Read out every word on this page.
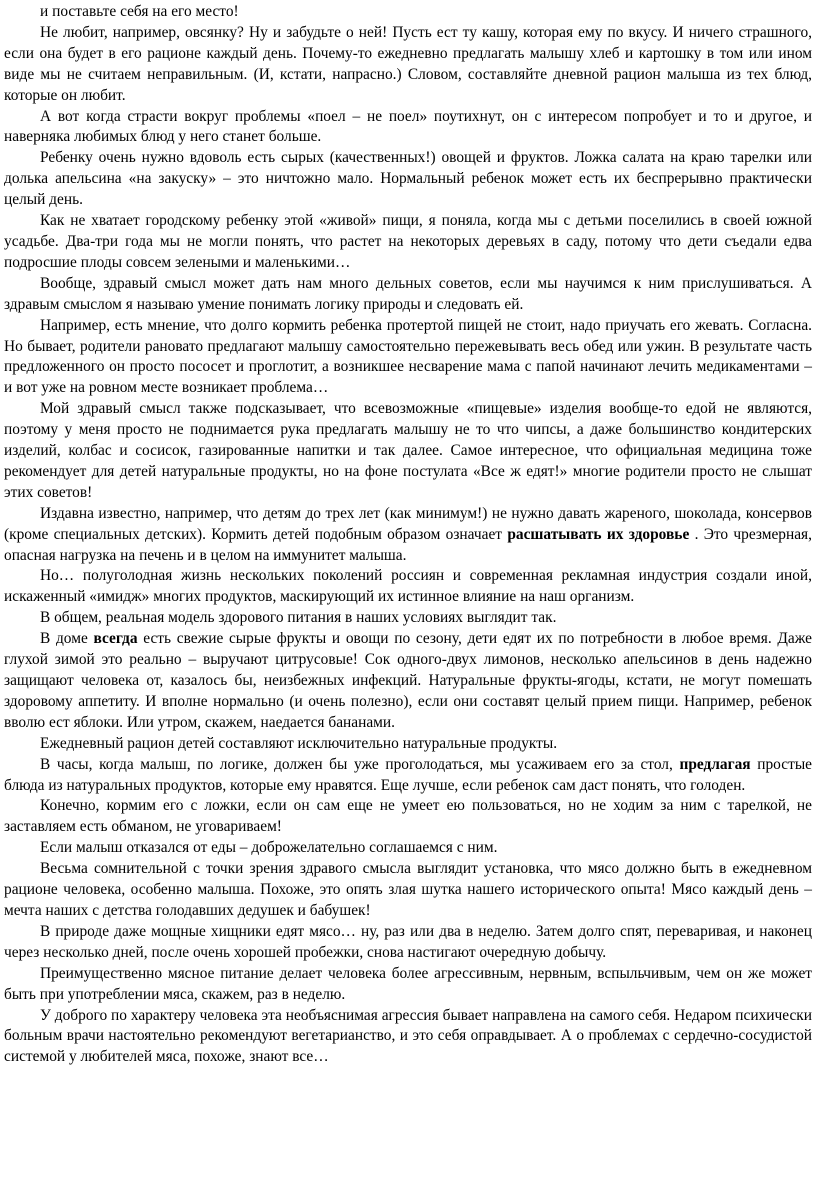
и поставьте себя на его место!

Не любит, например, овсянку? Ну и забудьте о ней! Пусть ест ту кашу, которая ему по вкусу. И ничего страшного, если она будет в его рационе каждый день. Почему-то ежедневно предлагать малышу хлеб и картошку в том или ином виде мы не считаем неправильным. (И, кстати, напрасно.) Словом, составляйте дневной рацион малыша из тех блюд, которые он любит.

А вот когда страсти вокруг проблемы «поел – не поел» поутихнут, он с интересом попробует и то и другое, и наверняка любимых блюд у него станет больше.

Ребенку очень нужно вдоволь есть сырых (качественных!) овощей и фруктов. Ложка салата на краю тарелки или долька апельсина «на закуску» – это ничтожно мало. Нормальный ребенок может есть их беспрерывно практически целый день.

Как не хватает городскому ребенку этой «живой» пищи, я поняла, когда мы с детьми поселились в своей южной усадьбе. Два-три года мы не могли понять, что растет на некоторых деревьях в саду, потому что дети съедали едва подросшие плоды совсем зелеными и маленькими…

Вообще, здравый смысл может дать нам много дельных советов, если мы научимся к ним прислушиваться. А здравым смыслом я называю умение понимать логику природы и следовать ей.

Например, есть мнение, что долго кормить ребенка протертой пищей не стоит, надо приучать его жевать. Согласна. Но бывает, родители рановато предлагают малышу самостоятельно пережевывать весь обед или ужин. В результате часть предложенного он просто пососет и проглотит, а возникшее несварение мама с папой начинают лечить медикаментами – и вот уже на ровном месте возникает проблема…

Мой здравый смысл также подсказывает, что всевозможные «пищевые» изделия вообще-то едой не являются, поэтому у меня просто не поднимается рука предлагать малышу не то что чипсы, а даже большинство кондитерских изделий, колбас и сосисок, газированные напитки и так далее. Самое интересное, что официальная медицина тоже рекомендует для детей натуральные продукты, но на фоне постулата «Все ж едят!» многие родители просто не слышат этих советов!

Издавна известно, например, что детям до трех лет (как минимум!) не нужно давать жареного, шоколада, консервов (кроме специальных детских). Кормить детей подобным образом означает расшатывать их здоровье . Это чрезмерная, опасная нагрузка на печень и в целом на иммунитет малыша.

Но… полуголодная жизнь нескольких поколений россиян и современная рекламная индустрия создали иной, искаженный «имидж» многих продуктов, маскирующий их истинное влияние на наш организм.

В общем, реальная модель здорового питания в наших условиях выглядит так.

В доме всегда есть свежие сырые фрукты и овощи по сезону, дети едят их по потребности в любое время. Даже глухой зимой это реально – выручают цитрусовые! Сок одного-двух лимонов, несколько апельсинов в день надежно защищают человека от, казалось бы, неизбежных инфекций. Натуральные фрукты-ягоды, кстати, не могут помешать здоровому аппетиту. И вполне нормально (и очень полезно), если они составят целый прием пищи. Например, ребенок вволю ест яблоки. Или утром, скажем, наедается бананами.

Ежедневный рацион детей составляют исключительно натуральные продукты.

В часы, когда малыш, по логике, должен бы уже проголодаться, мы усаживаем его за стол, предлагая простые блюда из натуральных продуктов, которые ему нравятся. Еще лучше, если ребенок сам даст понять, что голоден.

Конечно, кормим его с ложки, если он сам еще не умеет ею пользоваться, но не ходим за ним с тарелкой, не заставляем есть обманом, не уговариваем!

Если малыш отказался от еды – доброжелательно соглашаемся с ним.

Весьма сомнительной с точки зрения здравого смысла выглядит установка, что мясо должно быть в ежедневном рационе человека, особенно малыша. Похоже, это опять злая шутка нашего исторического опыта! Мясо каждый день – мечта наших с детства голодавших дедушек и бабушек!

В природе даже мощные хищники едят мясо… ну, раз или два в неделю. Затем долго спят, переваривая, и наконец через несколько дней, после очень хорошей пробежки, снова настигают очередную добычу.

Преимущественно мясное питание делает человека более агрессивным, нервным, вспыльчивым, чем он же может быть при употреблении мяса, скажем, раз в неделю.

У доброго по характеру человека эта необъяснимая агрессия бывает направлена на самого себя. Недаром психически больным врачи настоятельно рекомендуют вегетарианство, и это себя оправдывает. А о проблемах с сердечно-сосудистой системой у любителей мяса, похоже, знают все…
